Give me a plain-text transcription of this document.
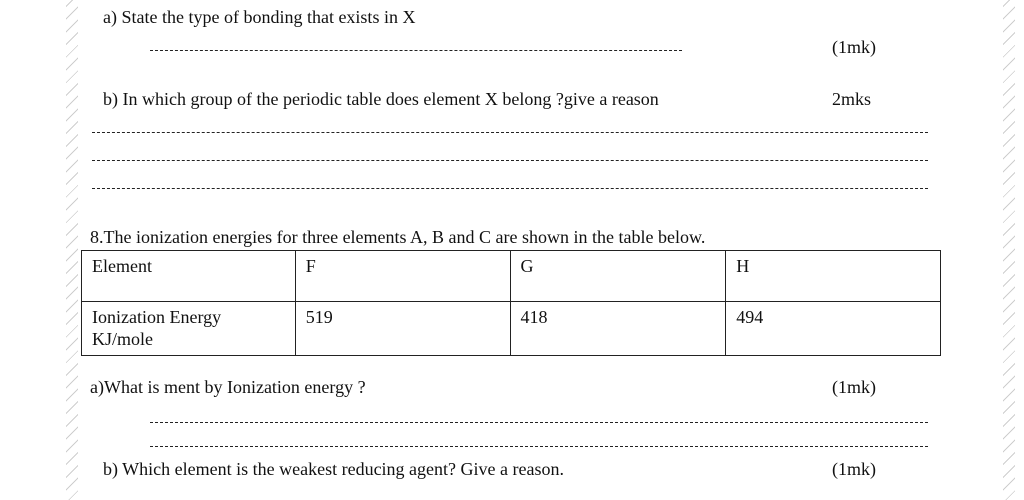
a) State the type of bonding that exists in X
(1mk)
b) In which group of the periodic table does element X belong ?give a reason	2mks
8.The ionization energies for three elements A, B and C are shown in the table below.
Element	F	G	H

Ionization Energy
KJ/mole	519	418	494
a)What is ment by Ionization energy ?	(1mk)
b) Which element is the weakest reducing agent? Give a reason.	(1mk)
